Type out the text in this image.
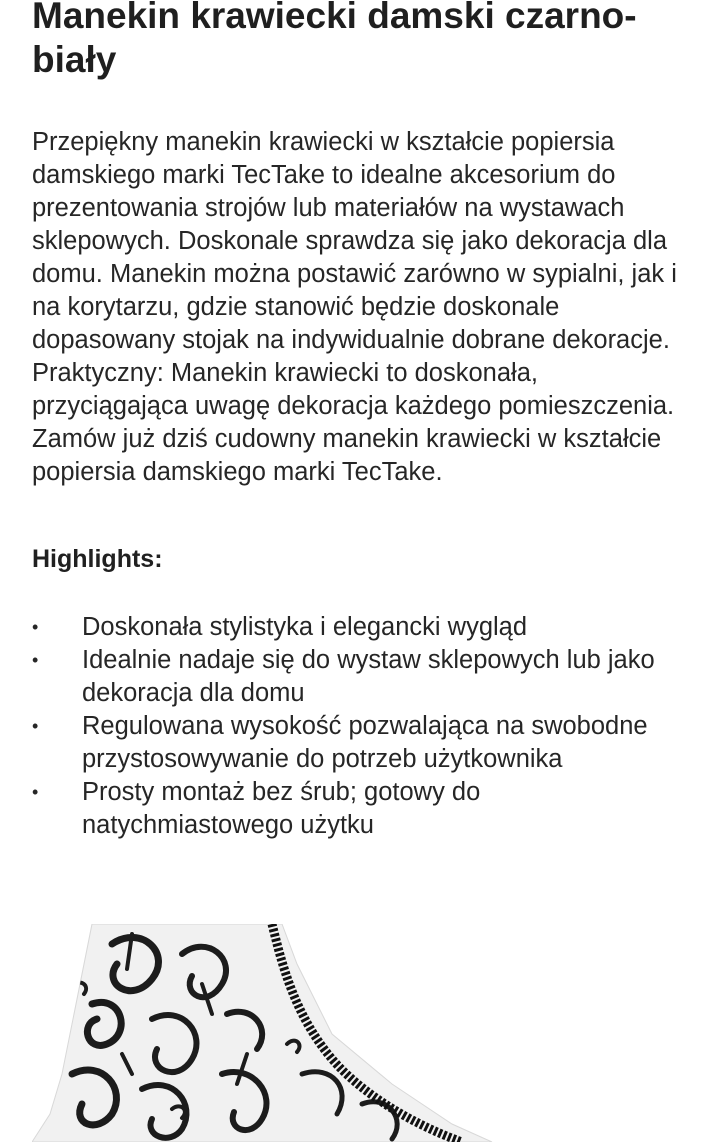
Manekin krawiecki damski czarno-biały

Przepiękny manekin krawiecki w kształcie popiersia damskiego marki TecTake to idealne akcesorium do prezentowania strojów lub materiałów na wystawach sklepowych. Doskonale sprawdza się jako dekoracja dla domu. Manekin można postawić zarówno w sypialni, jak i na korytarzu, gdzie stanowić będzie doskonale dopasowany stojak na indywidualnie dobrane dekoracje. Praktyczny: Manekin krawiecki to doskonała, przyciągająca uwagę dekoracja każdego pomieszczenia. Zamów już dziś cudowny manekin krawiecki w kształcie popiersia damskiego marki TecTake.

Highlights:
•	Doskonała stylistyka i elegancki wygląd
•	Idealnie nadaje się do wystaw sklepowych lub jako dekoracja dla domu
•	Regulowana wysokość pozwalająca na swobodne przystosowywanie do potrzeb użytkownika
•	Prosty montaż bez śrub; gotowy do natychmiastowego użytku
